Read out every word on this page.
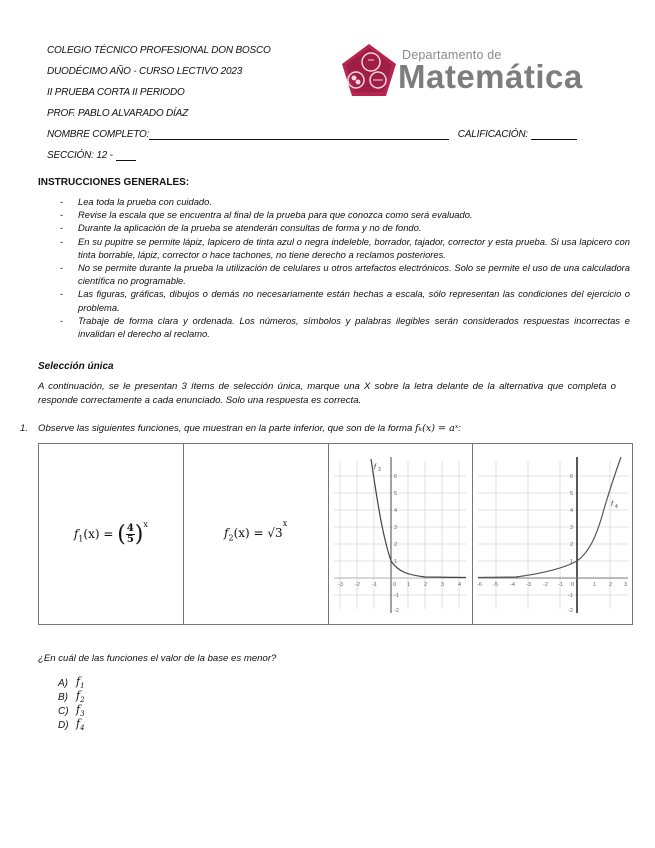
COLEGIO TÉCNICO PROFESIONAL DON BOSCO
DUODÉCIMO AÑO - CURSO LECTIVO 2023
II PRUEBA CORTA II PERIODO
PROF. PABLO ALVARADO DÍAZ
NOMBRE COMPLETO:	CALIFICACIÓN:
SECCIÓN: 12 -
Departamento de
Matemática
INSTRUCCIONES GENERALES:
- Lea toda la prueba con cuidado.
- Revise la escala que se encuentra al final de la prueba para que conozca como será evaluado.
- Durante la aplicación de la prueba se atenderán consultas de forma y no de fondo.
- En su pupitre se permite lápiz, lapicero de tinta azul o negra indeleble, borrador, tajador, corrector y esta prueba. Si usa lapicero con tinta borrable, lápiz, corrector o hace tachones, no tiene derecho a reclamos posteriores.
- No se permite durante la prueba la utilización de celulares u otros artefactos electrónicos. Solo se permite el uso de una calculadora científica no programable.
- Las figuras, gráficas, dibujos o demás no necesariamente están hechas a escala, sólo representan las condiciones del ejercicio o problema.
- Trabaje de forma clara y ordenada. Los números, símbolos y palabras ilegibles serán considerados respuestas incorrectas e invalidan el derecho al reclamo.
Selección única
A continuación, se le presentan 3 ítems de selección única, marque una X sobre la letra delante de la alternativa que completa o responde correctamente a cada enunciado. Solo una respuesta es correcta.
1. Observe las siguientes funciones, que muestran en la parte inferior, que son de la forma fₖ(x) = aˣ:
$f_1(x)$ = ( $\frac{4}{5} )^x$
$f_2(x) = √3^x$
f 3
-3 -2 -1	0 1	2	3	4
6
5
4
3
2
1
-1
-2
f 4
-6 -5 -4 -3 -2 -1 0	1 2 3
6
5
4
3
2
1
-1
-2
¿En cuál de las funciones el valor de la base es menor?
A) $f_1$
B) $f_2$
C) $f_3$
D) $f_4$
